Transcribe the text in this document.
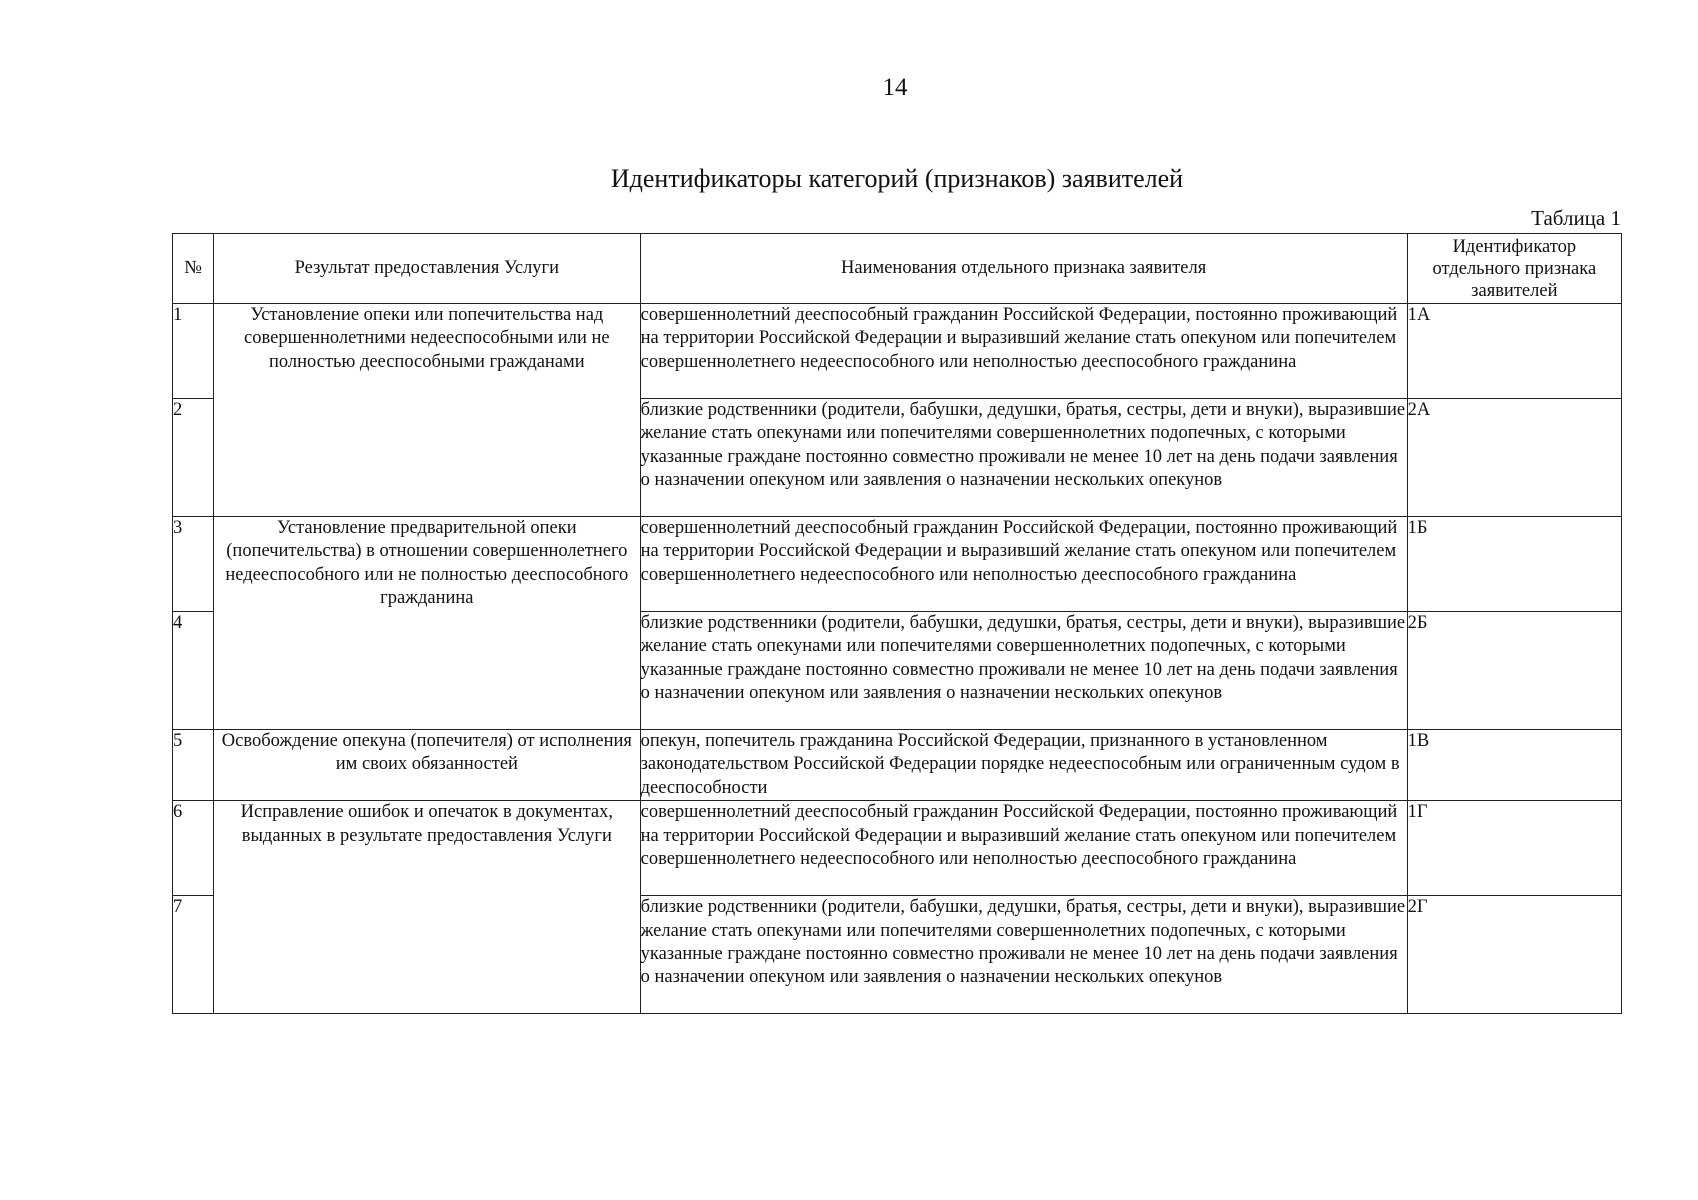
14
Идентификаторы категорий (признаков) заявителей
Таблица 1
№	Результат предоставления Услуги	Наименования отдельного признака заявителя	Идентификатор отдельного признака заявителей
1	Установление опеки или попечительства над совершеннолетними недееспособными или не полностью дееспособными гражданами	совершеннолетний дееспособный гражданин Российской Федерации, постоянно проживающий на территории Российской Федерации и выразивший желание стать опекуном или попечителем совершеннолетнего недееспособного или неполностью дееспособного гражданина	1А
2		близкие родственники (родители, бабушки, дедушки, братья, сестры, дети и внуки), выразившие желание стать опекунами или попечителями совершеннолетних подопечных, с которыми указанные граждане постоянно совместно проживали не менее 10 лет на день подачи заявления о назначении опекуном или заявления о назначении нескольких опекунов	2А
3	Установление предварительной опеки (попечительства) в отношении совершеннолетнего недееспособного или не полностью дееспособного гражданина	совершеннолетний дееспособный гражданин Российской Федерации, постоянно проживающий на территории Российской Федерации и выразивший желание стать опекуном или попечителем совершеннолетнего недееспособного или неполностью дееспособного гражданина	1Б
4		близкие родственники (родители, бабушки, дедушки, братья, сестры, дети и внуки), выразившие желание стать опекунами или попечителями совершеннолетних подопечных, с которыми указанные граждане постоянно совместно проживали не менее 10 лет на день подачи заявления о назначении опекуном или заявления о назначении нескольких опекунов	2Б
5	Освобождение опекуна (попечителя) от исполнения им своих обязанностей	опекун, попечитель гражданина Российской Федерации, признанного в установленном законодательством Российской Федерации порядке недееспособным или ограниченным судом в дееспособности	1В
6	Исправление ошибок и опечаток в документах, выданных в результате предоставления Услуги	совершеннолетний дееспособный гражданин Российской Федерации, постоянно проживающий на территории Российской Федерации и выразивший желание стать опекуном или попечителем совершеннолетнего недееспособного или неполностью дееспособного гражданина	1Г
7		близкие родственники (родители, бабушки, дедушки, братья, сестры, дети и внуки), выразившие желание стать опекунами или попечителями совершеннолетних подопечных, с которыми указанные граждане постоянно совместно проживали не менее 10 лет на день подачи заявления о назначении опекуном или заявления о назначении нескольких опекунов	2Г
